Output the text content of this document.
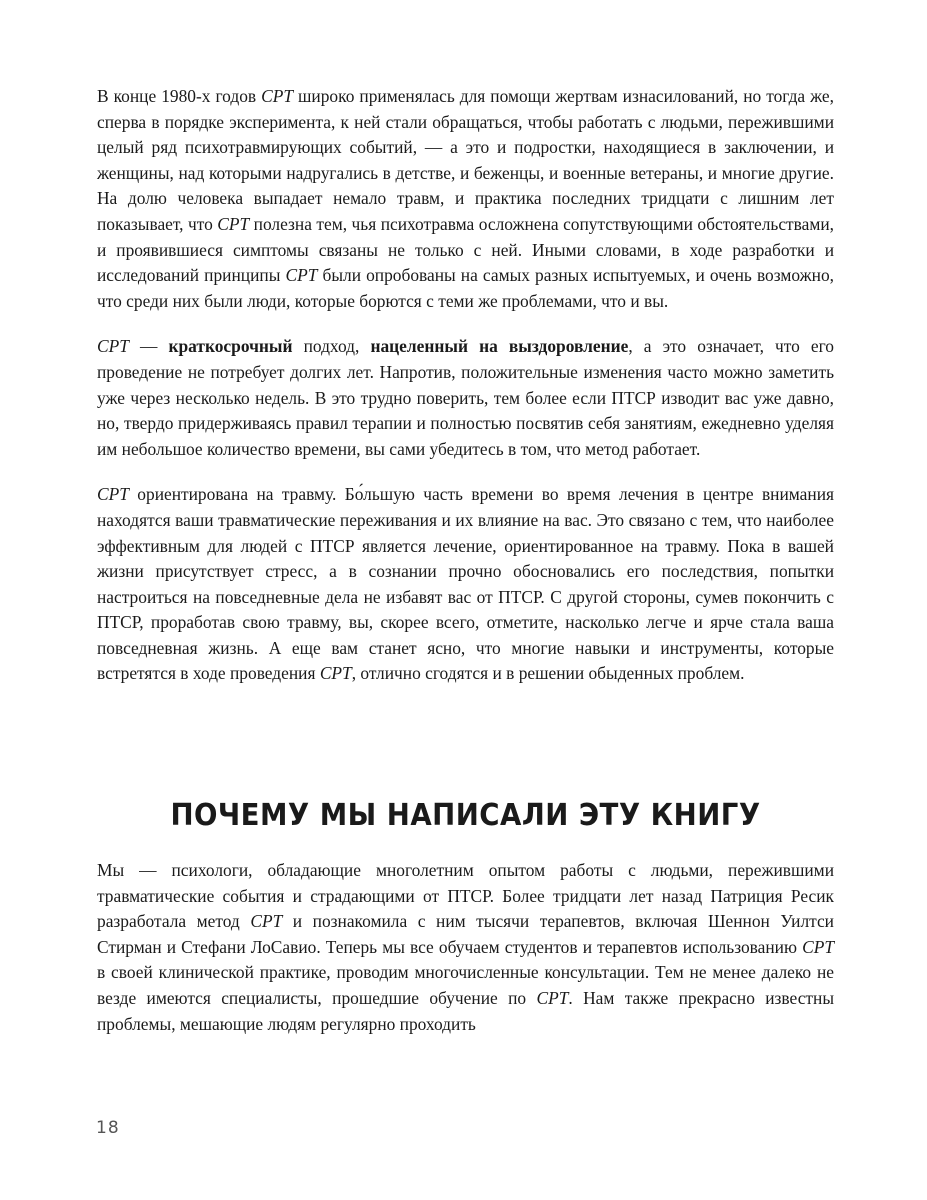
В конце 1980-х годов CPT широко применялась для помощи жертвам изнасилований, но тогда же, сперва в порядке эксперимента, к ней стали обращаться, чтобы работать с людьми, пережившими целый ряд психотравмирующих событий, — а это и подростки, находящиеся в заключении, и женщины, над которыми надругались в детстве, и беженцы, и военные ветераны, и многие другие. На долю человека выпадает немало травм, и практика последних тридцати с лишним лет показывает, что CPT полезна тем, чья психотравма осложнена сопутствующими обстоятельствами, и проявившиеся симптомы связаны не только с ней. Иными словами, в ходе разработки и исследований принципы CPT были опробованы на самых разных испытуемых, и очень возможно, что среди них были люди, которые борются с теми же проблемами, что и вы.

CPT — краткосрочный подход, нацеленный на выздоровление, а это означает, что его проведение не потребует долгих лет. Напротив, положительные изменения часто можно заметить уже через несколько недель. В это трудно поверить, тем более если ПТСР изводит вас уже давно, но, твердо придерживаясь правил терапии и полностью посвятив себя занятиям, ежедневно уделяя им небольшое количество времени, вы сами убедитесь в том, что метод работает.

CPT ориентирована на травму. Бо́льшую часть времени во время лечения в центре внимания находятся ваши травматические переживания и их влияние на вас. Это связано с тем, что наиболее эффективным для людей с ПТСР является лечение, ориентированное на травму. Пока в вашей жизни присутствует стресс, а в сознании прочно обосновались его последствия, попытки настроиться на повседневные дела не избавят вас от ПТСР. С другой стороны, сумев покончить с ПТСР, проработав свою травму, вы, скорее всего, отметите, насколько легче и ярче стала ваша повседневная жизнь. А еще вам станет ясно, что многие навыки и инструменты, которые встретятся в ходе проведения CPT, отлично сгодятся и в решении обыденных проблем.

ПОЧЕМУ МЫ НАПИСАЛИ ЭТУ КНИГУ

Мы — психологи, обладающие многолетним опытом работы с людьми, пережившими травматические события и страдающими от ПТСР. Более тридцати лет назад Патриция Ресик разработала метод CPT и познакомила с ним тысячи терапевтов, включая Шеннон Уилтси Стирман и Стефани ЛоСавио. Теперь мы все обучаем студентов и терапевтов использованию CPT в своей клинической практике, проводим многочисленные консультации. Тем не менее далеко не везде имеются специалисты, прошедшие обучение по CPT. Нам также прекрасно известны проблемы, мешающие людям регулярно проходить

18
